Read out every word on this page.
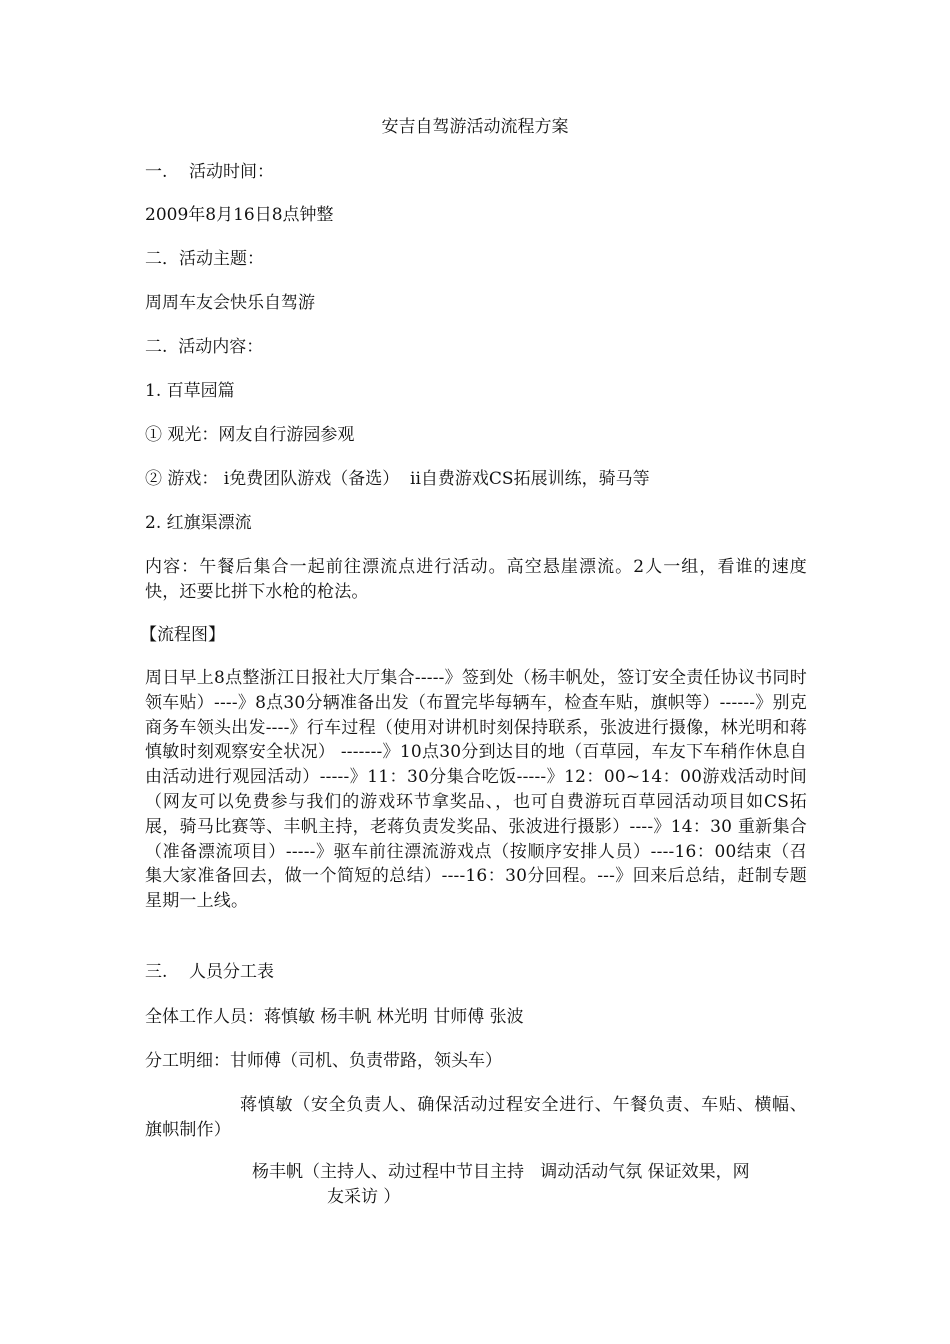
安吉自驾游活动流程方案
一.    活动时间：
2009年8月16日8点钟整
二．活动主题：
周周车友会快乐自驾游
二.  活动内容：
1. 百草园篇
① 观光：网友自行游园参观
② 游戏： i免费团队游戏（备选）  ii自费游戏CS拓展训练，骑马等
2. 红旗渠漂流
内容：午餐后集合一起前往漂流点进行活动。高空悬崖漂流。2人一组，看谁的速度快，还要比拼下水枪的枪法。
【流程图】
周日早上8点整浙江日报社大厅集合-----》签到处（杨丰帆处，签订安全责任协议书同时领车贴）----》8点30分辆准备出发（布置完毕每辆车，检查车贴，旗帜等）------》别克商务车领头出发----》行车过程（使用对讲机时刻保持联系，张波进行摄像，林光明和蒋慎敏时刻观察安全状况） -------》10点30分到达目的地（百草园，车友下车稍作休息自由活动进行观园活动）-----》11：30分集合吃饭-----》12：00~14：00游戏活动时间（网友可以免费参与我们的游戏环节拿奖品、，也可自费游玩百草园活动项目如CS拓展，骑马比赛等、丰帆主持，老蒋负责发奖品、张波进行摄影）----》14：30 重新集合（准备漂流项目）-----》驱车前往漂流游戏点（按顺序安排人员）----16：00结束（召集大家准备回去，做一个简短的总结）----16：30分回程。---》回来后总结，赶制专题星期一上线。
三.    人员分工表
全体工作人员：蒋慎敏 杨丰帆 林光明 甘师傅 张波
分工明细：甘师傅（司机、负责带路，领头车）
蒋慎敏（安全负责人、确保活动过程安全进行、午餐负责、车贴、横幅、旗帜制作）
杨丰帆（主持人、动过程中节目主持   调动活动气氛 保证效果，网
友采访 ）
